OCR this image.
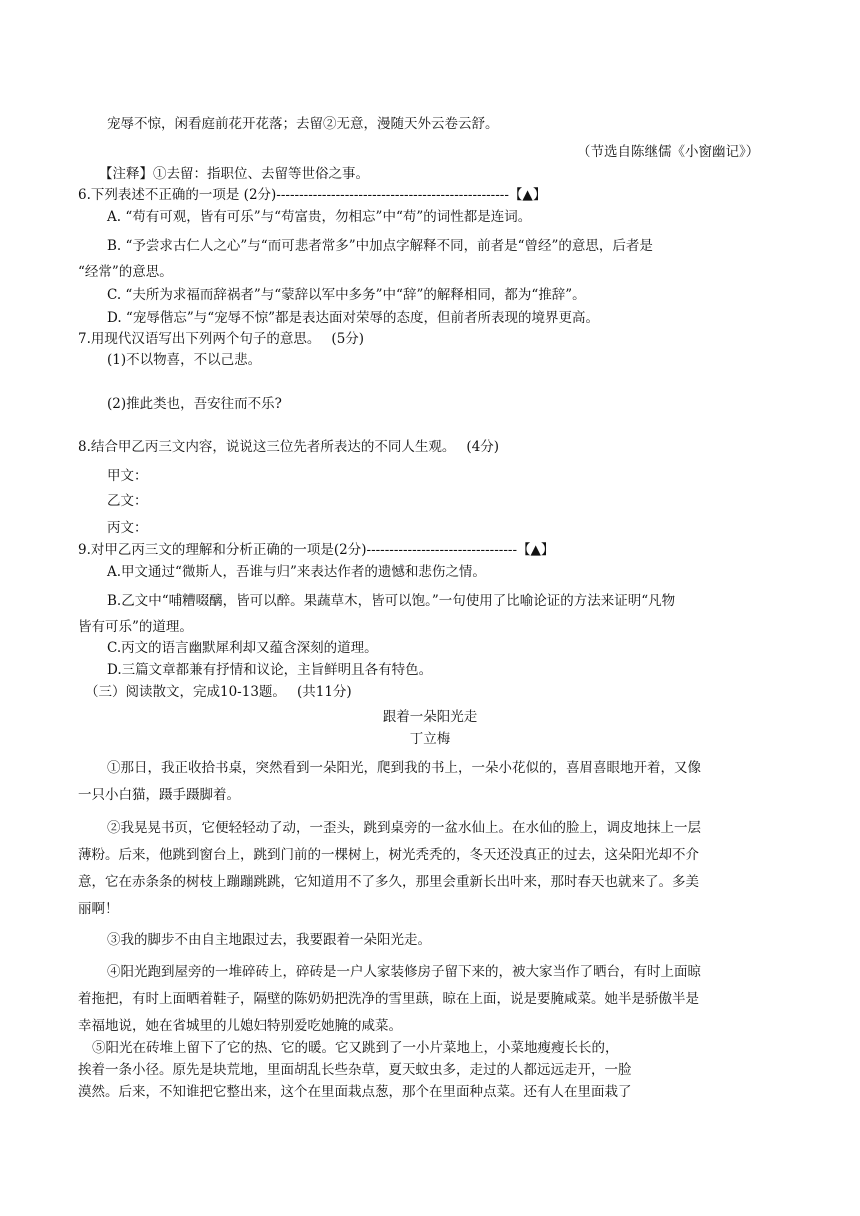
宠辱不惊，闲看庭前花开花落；去留②无意，漫随天外云卷云舒。
（节选自陈继儒《小窗幽记》）
【注释】①去留：指职位、去留等世俗之事。
6.下列表述不正确的一项是 (2分)---------------------------------------------------【▲】
A. “苟有可观，皆有可乐”与“苟富贵，勿相忘”中“苟”的词性都是连词。
B. “予尝求古仁人之心”与“而可悲者常多”中加点字解释不同，前者是“曾经”的意思，后者是
“经常”的意思。
C. “夫所为求福而辞祸者”与“蒙辞以军中多务”中“辞”的解释相同，都为“推辞”。
D. “宠辱偕忘”与“宠辱不惊”都是表达面对荣辱的态度，但前者所表现的境界更高。
7.用现代汉语写出下列两个句子的意思。　 (5分)
(1)不以物喜，不以己悲。
(2)推此类也，吾安往而不乐?
8.结合甲乙丙三文内容，说说这三位先者所表达的不同人生观。　 (4分)
甲文：
乙文：
丙文：
9.对甲乙丙三文的理解和分析正确的一项是(2分)---------------------------------【▲】
A.甲文通过“微斯人，吾谁与归”来表达作者的遗憾和悲伤之情。
B.乙文中“哺糟啜醨，皆可以醉。果蔬草木，皆可以饱。”一句使用了比喻论证的方法来证明“凡物
皆有可乐”的道理。
C.丙文的语言幽默犀利却又蕴含深刻的道理。
D.三篇文章都兼有抒情和议论，主旨鲜明且各有特色。
（三）阅读散文，完成10-13题。　 (共11分)
跟着一朵阳光走
丁立梅
①那日，我正收拾书桌，突然看到一朵阳光，爬到我的书上，一朵小花似的，喜眉喜眼地开着，又像
一只小白猫，蹑手蹑脚着。
②我晃晃书页，它便轻轻动了动，一歪头，跳到桌旁的一盆水仙上。在水仙的脸上，调皮地抹上一层
薄粉。后来，他跳到窗台上，跳到门前的一棵树上，树光秃秃的，冬天还没真正的过去，这朵阳光却不介
意，它在赤条条的树枝上蹦蹦跳跳，它知道用不了多久，那里会重新长出叶来，那时春天也就来了。多美
丽啊！
③我的脚步不由自主地跟过去，我要跟着一朵阳光走。
④阳光跑到屋旁的一堆碎砖上，碎砖是一户人家装修房子留下来的，被大家当作了晒台，有时上面晾
着拖把，有时上面晒着鞋子，隔壁的陈奶奶把洗净的雪里蕻，晾在上面，说是要腌咸菜。她半是骄傲半是
幸福地说，她在省城里的儿媳妇特别爱吃她腌的咸菜。
⑤阳光在砖堆上留下了它的热、它的暖。它又跳到了一小片菜地上，小菜地瘦瘦长长的，
挨着一条小径。原先是块荒地，里面胡乱长些杂草，夏天蚊虫多，走过的人都远远走开，一脸
漠然。后来，不知谁把它整出来，这个在里面栽点葱，那个在里面种点菜。还有人在里面栽了
